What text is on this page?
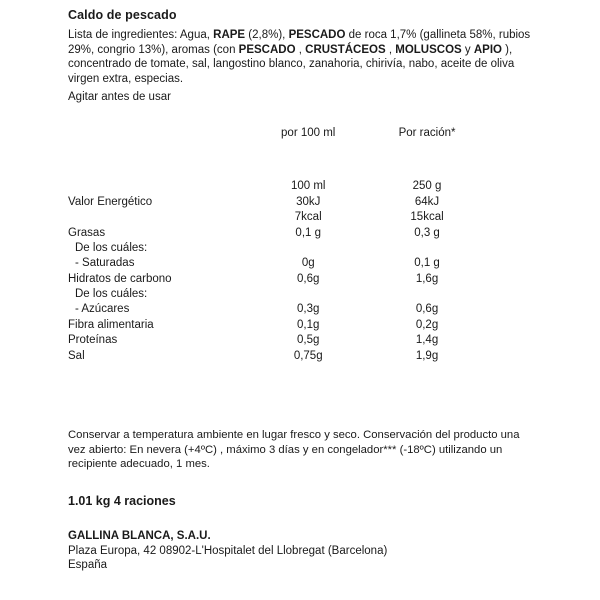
Caldo de pescado

Lista de ingredientes: Agua, RAPE (2,8%), PESCADO de roca 1,7% (gallineta 58%, rubios 29%, congrio 13%), aromas (con PESCADO , CRUSTÁCEOS , MOLUSCOS y APIO ), concentrado de tomate, sal, langostino blanco, zanahoria, chirivía, nabo, aceite de oliva virgen extra, especias.

Agitar antes de usar

	por 100 ml	Por ración*

	100 ml	250 g
Valor Energético	30kJ	64kJ
	7kcal	15kcal
Grasas	0,1 g	0,3 g
De los cuáles:		
- Saturadas	0g	0,1 g
Hidratos de carbono	0,6g	1,6g
De los cuáles:		
- Azúcares	0,3g	0,6g
Fibra alimentaria	0,1g	0,2g
Proteínas	0,5g	1,4g
Sal	0,75g	1,9g

Conservar a temperatura ambiente en lugar fresco y seco. Conservación del producto una vez abierto: En nevera (+4ºC) , máximo 3 días y en congelador*** (-18ºC) utilizando un recipiente adecuado, 1 mes.

1.01 kg 4 raciones

GALLINA BLANCA, S.A.U.

Plaza Europa, 42 08902-L'Hospitalet del Llobregat (Barcelona)

España
